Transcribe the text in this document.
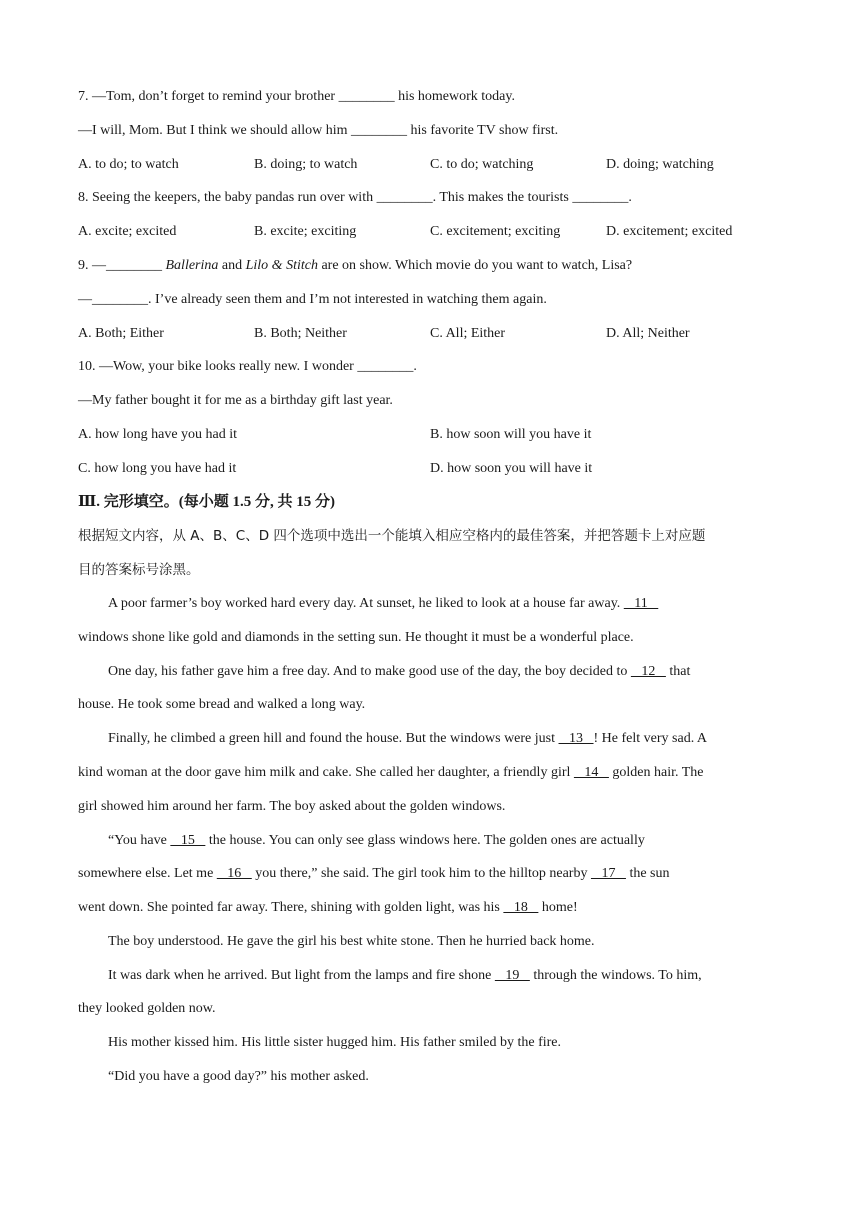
7. —Tom, don’t forget to remind your brother ________ his homework today.
—I will, Mom. But I think we should allow him ________ his favorite TV show first.
A. to do; to watch	B. doing; to watch	C. to do; watching	D. doing; watching
8. Seeing the keepers, the baby pandas run over with ________. This makes the tourists ________.
A. excite; excited	B. excite; exciting	C. excitement; exciting	D. excitement; excited
9. —________ Ballerina and Lilo & Stitch are on show. Which movie do you want to watch, Lisa?
—________. I’ve already seen them and I’m not interested in watching them again.
A. Both; Either	B. Both; Neither	C. All; Either	D. All; Neither
10. —Wow, your bike looks really new. I wonder ________.
—My father bought it for me as a birthday gift last year.
A. how long have you had it	B. how soon will you have it
C. how long you have had it	D. how soon you will have it
Ⅲ. 完形填空。(每小题 1.5 分, 共 15 分)
根据短文内容，从 A、B、C、D 四个选项中选出一个能填入相应空格内的最佳答案，并把答题卡上对应题
目的答案标号涂黑。
A poor farmer’s boy worked hard every day. At sunset, he liked to look at a house far away.    11
windows shone like gold and diamonds in the setting sun. He thought it must be a wonderful place.
One day, his father gave him a free day. And to make good use of the day, the boy decided to    12    that
house. He took some bread and walked a long way.
Finally, he climbed a green hill and found the house. But the windows were just    13   ! He felt very sad. A
kind woman at the door gave him milk and cake. She called her daughter, a friendly girl    14    golden hair. The
girl showed him around her farm. The boy asked about the golden windows.
“You have    15    the house. You can only see glass windows here. The golden ones are actually
somewhere else. Let me    16    you there,” she said. The girl took him to the hilltop nearby    17    the sun
went down. She pointed far away. There, shining with golden light, was his    18    home!
The boy understood. He gave the girl his best white stone. Then he hurried back home.
It was dark when he arrived. But light from the lamps and fire shone    19    through the windows. To him,
they looked golden now.
His mother kissed him. His little sister hugged him. His father smiled by the fire.
“Did you have a good day?” his mother asked.
